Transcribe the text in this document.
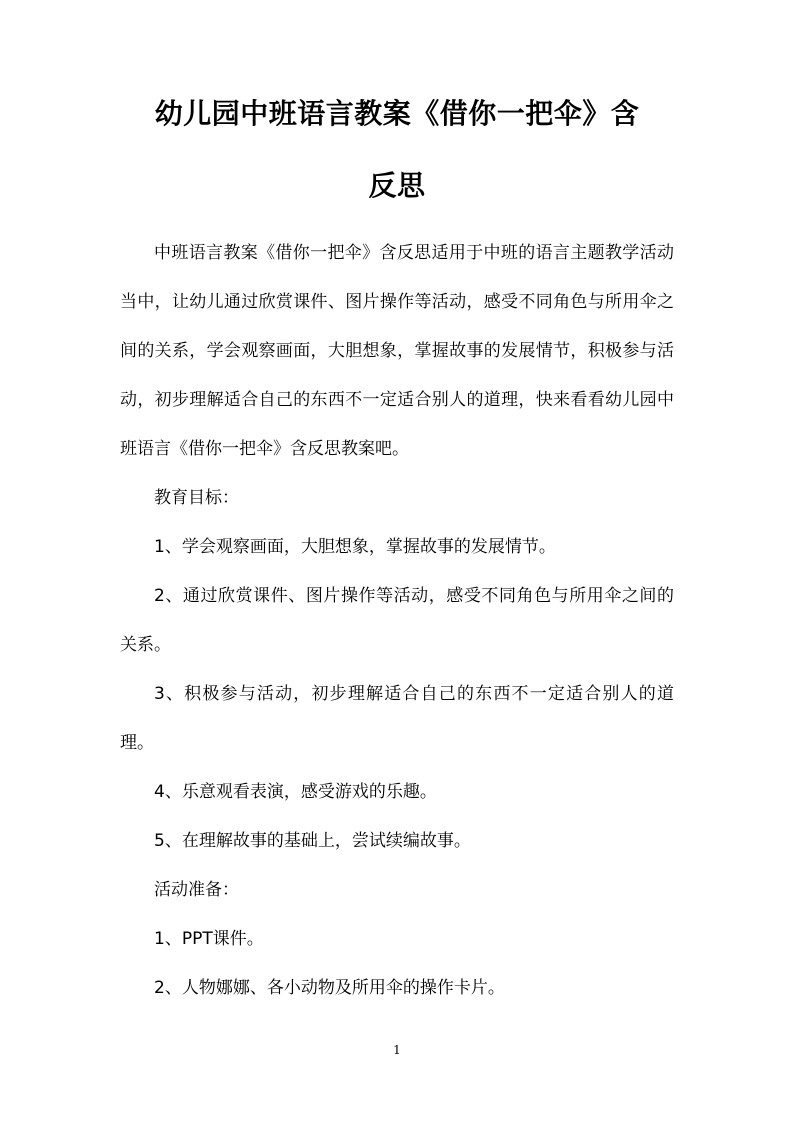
幼儿园中班语言教案《借你一把伞》含
反思

中班语言教案《借你一把伞》含反思适用于中班的语言主题教学活动当中，让幼儿通过欣赏课件、图片操作等活动，感受不同角色与所用伞之间的关系，学会观察画面，大胆想象，掌握故事的发展情节，积极参与活动，初步理解适合自己的东西不一定适合别人的道理，快来看看幼儿园中班语言《借你一把伞》含反思教案吧。

教育目标：

1、学会观察画面，大胆想象，掌握故事的发展情节。

2、通过欣赏课件、图片操作等活动，感受不同角色与所用伞之间的关系。

3、积极参与活动，初步理解适合自己的东西不一定适合别人的道理。

4、乐意观看表演，感受游戏的乐趣。

5、在理解故事的基础上，尝试续编故事。

活动准备：

1、PPT课件。

2、人物娜娜、各小动物及所用伞的操作卡片。

1
